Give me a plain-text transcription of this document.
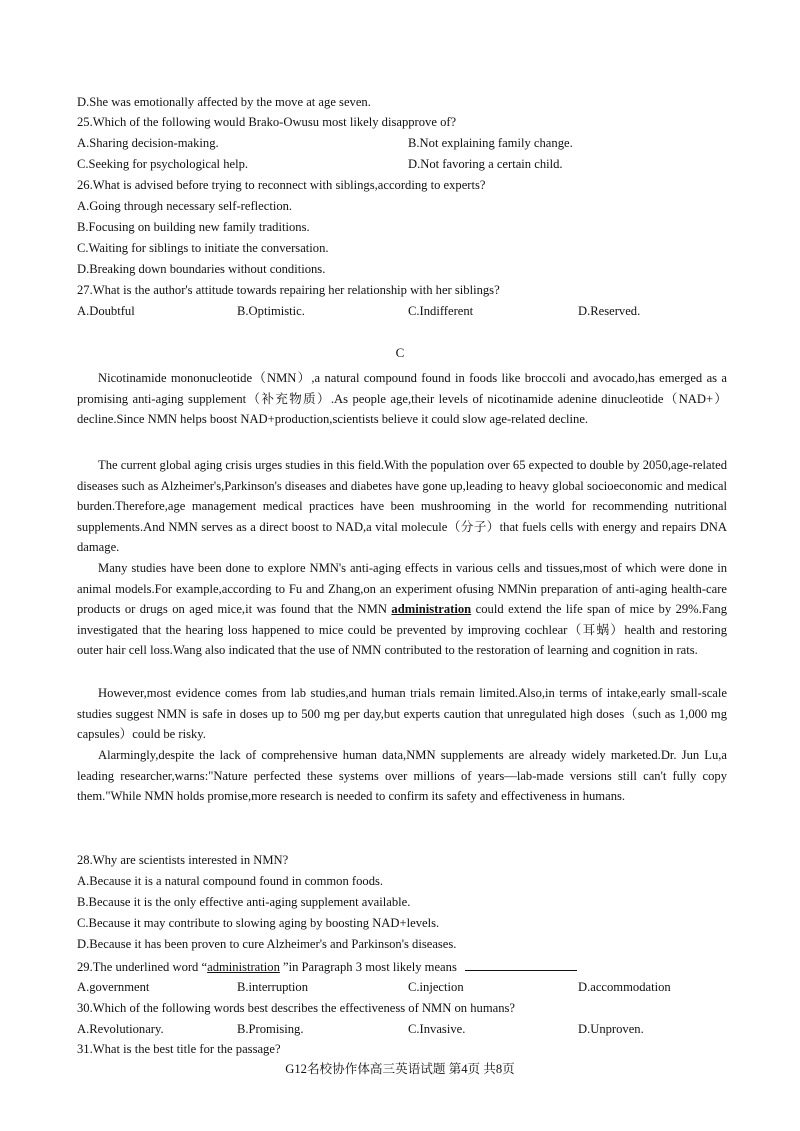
D.She was emotionally affected by the move at age seven.
25.Which of the following would Brako-Owusu most likely disapprove of?
A.Sharing decision-making.	B.Not explaining family change.
C.Seeking for psychological help.	D.Not favoring a certain child.
26.What is advised before trying to reconnect with siblings,according to experts?
A.Going through necessary self-reflection.
B.Focusing on building new family traditions.
C.Waiting for siblings to initiate the conversation.
D.Breaking down boundaries without conditions.
27.What is the author's attitude towards repairing her relationship with her siblings?
A.Doubtful	B.Optimistic.	C.Indifferent	D.Reserved.
C

Nicotinamide mononucleotide（NMN）,a natural compound found in foods like broccoli and avocado,has emerged as a promising anti-aging supplement（补充物质）.As people age,their levels of nicotinamide adenine dinucleotide（NAD+）decline.Since NMN helps boost NAD+production,scientists believe it could slow age-related decline.

The current global aging crisis urges studies in this field.With the population over 65 expected to double by 2050,age-related diseases such as Alzheimer's,Parkinson's diseases and diabetes have gone up,leading to heavy global socioeconomic and medical burden.Therefore,age management medical practices have been mushrooming in the world for recommending nutritional supplements.And NMN serves as a direct boost to NAD,a vital molecule（分子）that fuels cells with energy and repairs DNA damage.

Many studies have been done to explore NMN's anti-aging effects in various cells and tissues,most of which were done in animal models.For example,according to Fu and Zhang,on an experiment ofusing NMNin preparation of anti-aging health-care products or drugs on aged mice,it was found that the NMN administration could extend the life span of mice by 29%.Fang investigated that the hearing loss happened to mice could be prevented by improving cochlear（耳蜗）health and restoring outer hair cell loss.Wang also indicated that the use of NMN contributed to the restoration of learning and cognition in rats.

However,most evidence comes from lab studies,and human trials remain limited.Also,in terms of intake,early small-scale studies suggest NMN is safe in doses up to 500 mg per day,but experts caution that unregulated high doses（such as 1,000 mg capsules）could be risky.

Alarmingly,despite the lack of comprehensive human data,NMN supplements are already widely marketed.Dr. Jun Lu,a leading researcher,warns:"Nature perfected these systems over millions of years—lab-made versions still can't fully copy them."While NMN holds promise,more research is needed to confirm its safety and effectiveness in humans.

28.Why are scientists interested in NMN?
A.Because it is a natural compound found in common foods.
B.Because it is the only effective anti-aging supplement available.
C.Because it may contribute to slowing aging by boosting NAD+levels.
D.Because it has been proven to cure Alzheimer's and Parkinson's diseases.
29.The underlined word “administration ”in Paragraph 3 most likely means
A.government	B.interruption	C.injection	D.accommodation
30.Which of the following words best describes the effectiveness of NMN on humans?
A.Revolutionary.	B.Promising.	C.Invasive.	D.Unproven.
31.What is the best title for the passage?
G12名校协作体高三英语试题 第4页 共8页
